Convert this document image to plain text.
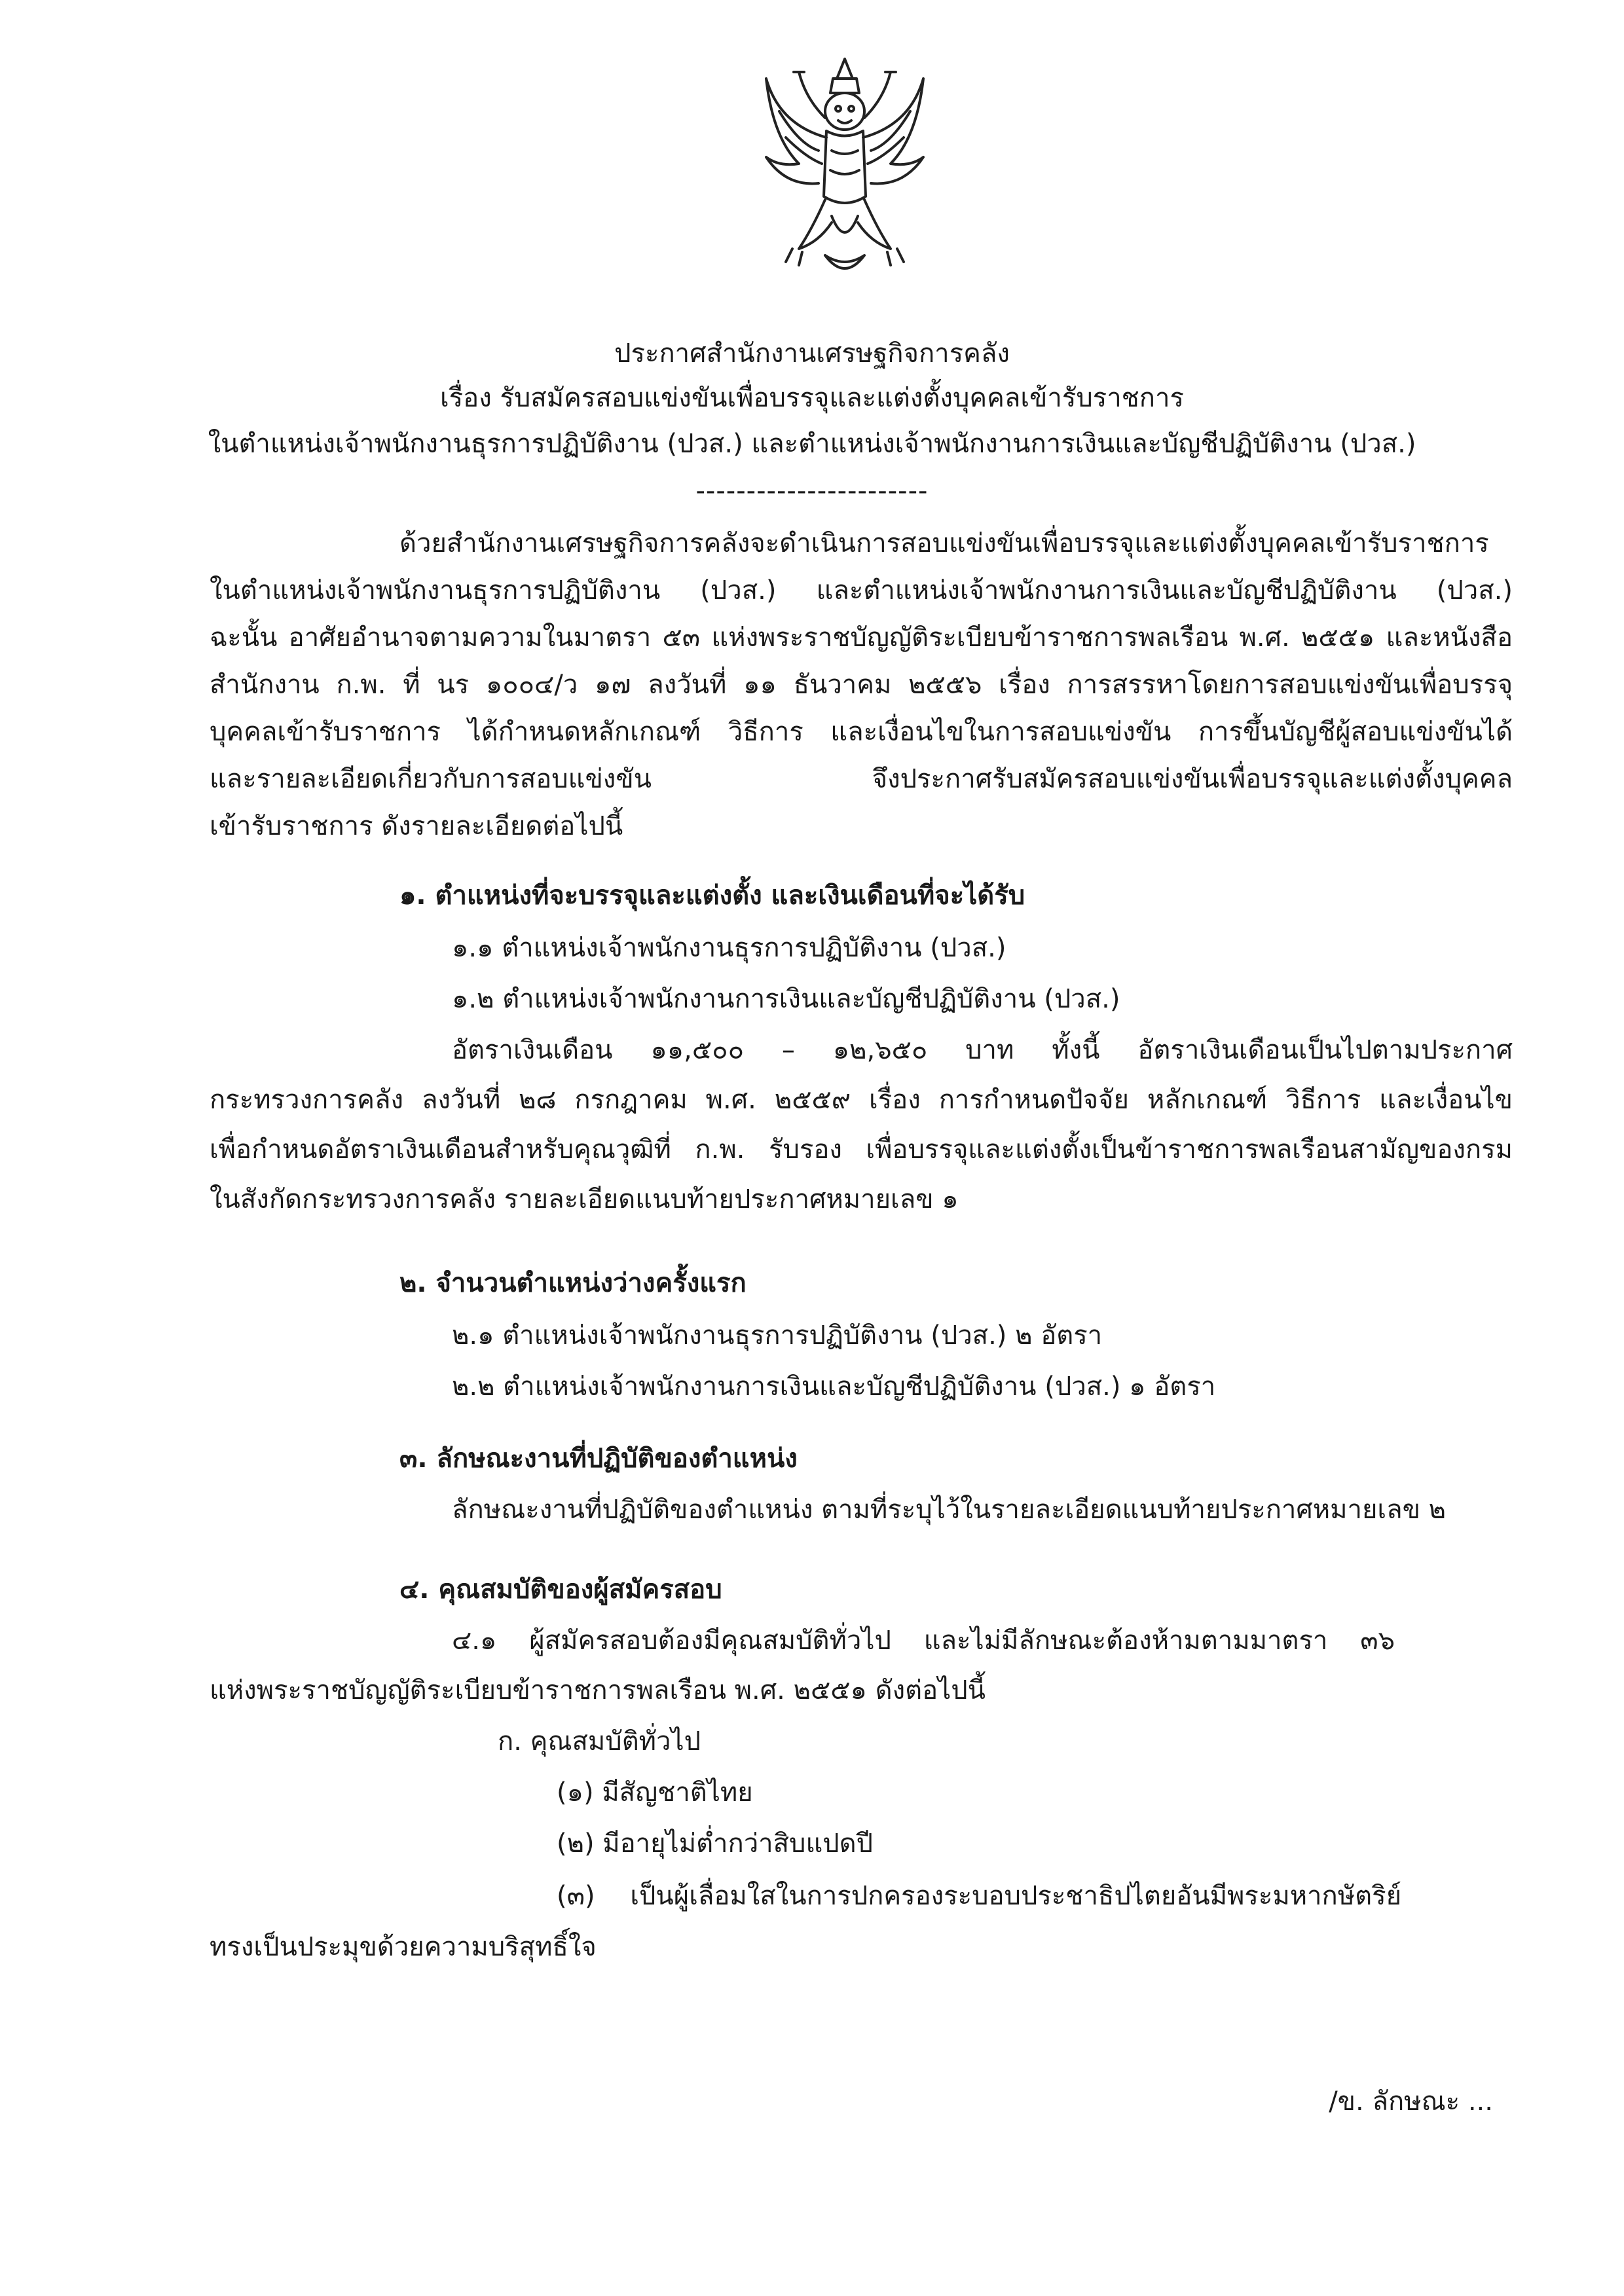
ประกาศสำนักงานเศรษฐกิจการคลัง
เรื่อง รับสมัครสอบแข่งขันเพื่อบรรจุและแต่งตั้งบุคคลเข้ารับราชการ
ในตำแหน่งเจ้าพนักงานธุรการปฏิบัติงาน (ปวส.) และตำแหน่งเจ้าพนักงานการเงินและบัญชีปฏิบัติงาน (ปวส.)
-----------------------
ด้วยสำนักงานเศรษฐกิจการคลังจะดำเนินการสอบแข่งขันเพื่อบรรจุและแต่งตั้งบุคคลเข้ารับราชการ
ในตำแหน่งเจ้าพนักงานธุรการปฏิบัติงาน (ปวส.) และตำแหน่งเจ้าพนักงานการเงินและบัญชีปฏิบัติงาน (ปวส.)
ฉะนั้น อาศัยอำนาจตามความในมาตรา ๕๓ แห่งพระราชบัญญัติระเบียบข้าราชการพลเรือน พ.ศ. ๒๕๕๑ และหนังสือ
สำนักงาน ก.พ. ที่ นร ๑๐๐๔/ว ๑๗ ลงวันที่ ๑๑ ธันวาคม ๒๕๕๖ เรื่อง การสรรหาโดยการสอบแข่งขันเพื่อบรรจุ
บุคคลเข้ารับราชการ ได้กำหนดหลักเกณฑ์ วิธีการ และเงื่อนไขในการสอบแข่งขัน การขึ้นบัญชีผู้สอบแข่งขันได้
และรายละเอียดเกี่ยวกับการสอบแข่งขัน จึงประกาศรับสมัครสอบแข่งขันเพื่อบรรจุและแต่งตั้งบุคคล
เข้ารับราชการ ดังรายละเอียดต่อไปนี้
๑. ตำแหน่งที่จะบรรจุและแต่งตั้ง และเงินเดือนที่จะได้รับ
๑.๑ ตำแหน่งเจ้าพนักงานธุรการปฏิบัติงาน (ปวส.)
๑.๒ ตำแหน่งเจ้าพนักงานการเงินและบัญชีปฏิบัติงาน (ปวส.)
อัตราเงินเดือน ๑๑,๕๐๐ – ๑๒,๖๕๐ บาท ทั้งนี้ อัตราเงินเดือนเป็นไปตามประกาศ
กระทรวงการคลัง ลงวันที่ ๒๘ กรกฎาคม พ.ศ. ๒๕๕๙ เรื่อง การกำหนดปัจจัย หลักเกณฑ์ วิธีการ และเงื่อนไข
เพื่อกำหนดอัตราเงินเดือนสำหรับคุณวุฒิที่ ก.พ. รับรอง เพื่อบรรจุและแต่งตั้งเป็นข้าราชการพลเรือนสามัญของกรม
ในสังกัดกระทรวงการคลัง รายละเอียดแนบท้ายประกาศหมายเลข ๑
๒. จำนวนตำแหน่งว่างครั้งแรก
๒.๑ ตำแหน่งเจ้าพนักงานธุรการปฏิบัติงาน (ปวส.) ๒ อัตรา
๒.๒ ตำแหน่งเจ้าพนักงานการเงินและบัญชีปฏิบัติงาน (ปวส.) ๑ อัตรา
๓. ลักษณะงานที่ปฏิบัติของตำแหน่ง
ลักษณะงานที่ปฏิบัติของตำแหน่ง ตามที่ระบุไว้ในรายละเอียดแนบท้ายประกาศหมายเลข ๒
๔. คุณสมบัติของผู้สมัครสอบ
๔.๑ ผู้สมัครสอบต้องมีคุณสมบัติทั่วไป และไม่มีลักษณะต้องห้ามตามมาตรา ๓๖
แห่งพระราชบัญญัติระเบียบข้าราชการพลเรือน พ.ศ. ๒๕๕๑ ดังต่อไปนี้
ก. คุณสมบัติทั่วไป
(๑) มีสัญชาติไทย
(๒) มีอายุไม่ต่ำกว่าสิบแปดปี
(๓) เป็นผู้เลื่อมใสในการปกครองระบอบประชาธิปไตยอันมีพระมหากษัตริย์
ทรงเป็นประมุขด้วยความบริสุทธิ์ใจ
/ข. ลักษณะ ...
